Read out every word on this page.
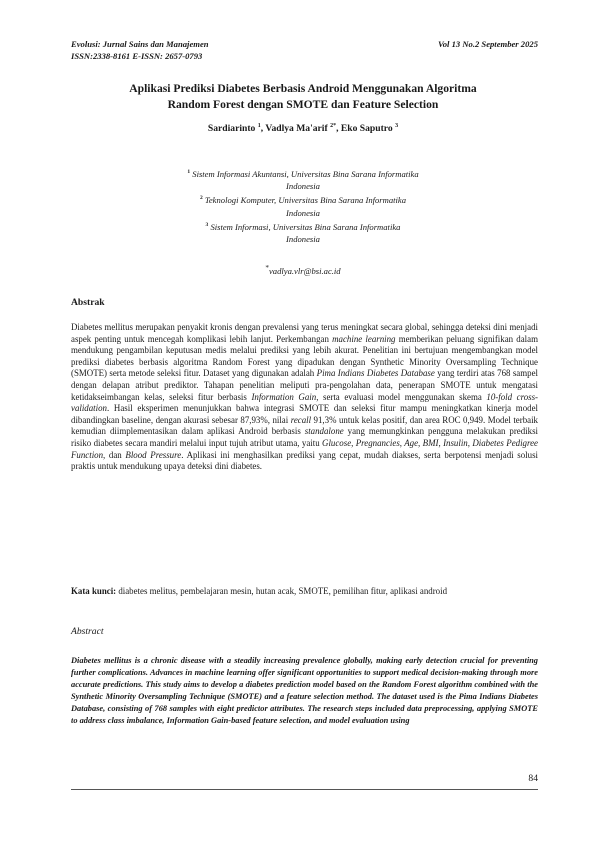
Evolusi: Jurnal Sains dan Manajemen	Vol 13 No.2 September 2025
ISSN:2338-8161 E-ISSN: 2657-0793
Aplikasi Prediksi Diabetes Berbasis Android Menggunakan Algoritma
Random Forest dengan SMOTE dan Feature Selection
Sardiarinto $^1$, Vadlya Ma'arif $^{2*}$, Eko Saputro $^3$
$^1$ Sistem Informasi Akuntansi, Universitas Bina Sarana Informatika
Indonesia
$^2$ Teknologi Komputer, Universitas Bina Sarana Informatika
Indonesia
$^3$ Sistem Informasi, Universitas Bina Sarana Informatika
Indonesia
*vadlya.vlr@bsi.ac.id
Abstrak
Diabetes mellitus merupakan penyakit kronis dengan prevalensi yang terus meningkat secara global, sehingga deteksi dini menjadi aspek penting untuk mencegah komplikasi lebih lanjut. Perkembangan machine learning memberikan peluang signifikan dalam mendukung pengambilan keputusan medis melalui prediksi yang lebih akurat. Penelitian ini bertujuan mengembangkan model prediksi diabetes berbasis algoritma Random Forest yang dipadukan dengan Synthetic Minority Oversampling Technique (SMOTE) serta metode seleksi fitur. Dataset yang digunakan adalah Pima Indians Diabetes Database yang terdiri atas 768 sampel dengan delapan atribut prediktor. Tahapan penelitian meliputi pra-pengolahan data, penerapan SMOTE untuk mengatasi ketidakseimbangan kelas, seleksi fitur berbasis Information Gain, serta evaluasi model menggunakan skema 10-fold cross-validation. Hasil eksperimen menunjukkan bahwa integrasi SMOTE dan seleksi fitur mampu meningkatkan kinerja model dibandingkan baseline, dengan akurasi sebesar 87,93%, nilai recall 91,3% untuk kelas positif, dan area ROC 0,949. Model terbaik kemudian diimplementasikan dalam aplikasi Android berbasis standalone yang memungkinkan pengguna melakukan prediksi risiko diabetes secara mandiri melalui input tujuh atribut utama, yaitu Glucose, Pregnancies, Age, BMI, Insulin, Diabetes Pedigree Function, dan Blood Pressure. Aplikasi ini menghasilkan prediksi yang cepat, mudah diakses, serta berpotensi menjadi solusi praktis untuk mendukung upaya deteksi dini diabetes.
Kata kunci: diabetes melitus, pembelajaran mesin, hutan acak, SMOTE, pemilihan fitur, aplikasi android
Abstract
Diabetes mellitus is a chronic disease with a steadily increasing prevalence globally, making early detection crucial for preventing further complications. Advances in machine learning offer significant opportunities to support medical decision-making through more accurate predictions. This study aims to develop a diabetes prediction model based on the Random Forest algorithm combined with the Synthetic Minority Oversampling Technique (SMOTE) and a feature selection method. The dataset used is the Pima Indians Diabetes Database, consisting of 768 samples with eight predictor attributes. The research steps included data preprocessing, applying SMOTE to address class imbalance, Information Gain-based feature selection, and model evaluation using
84
